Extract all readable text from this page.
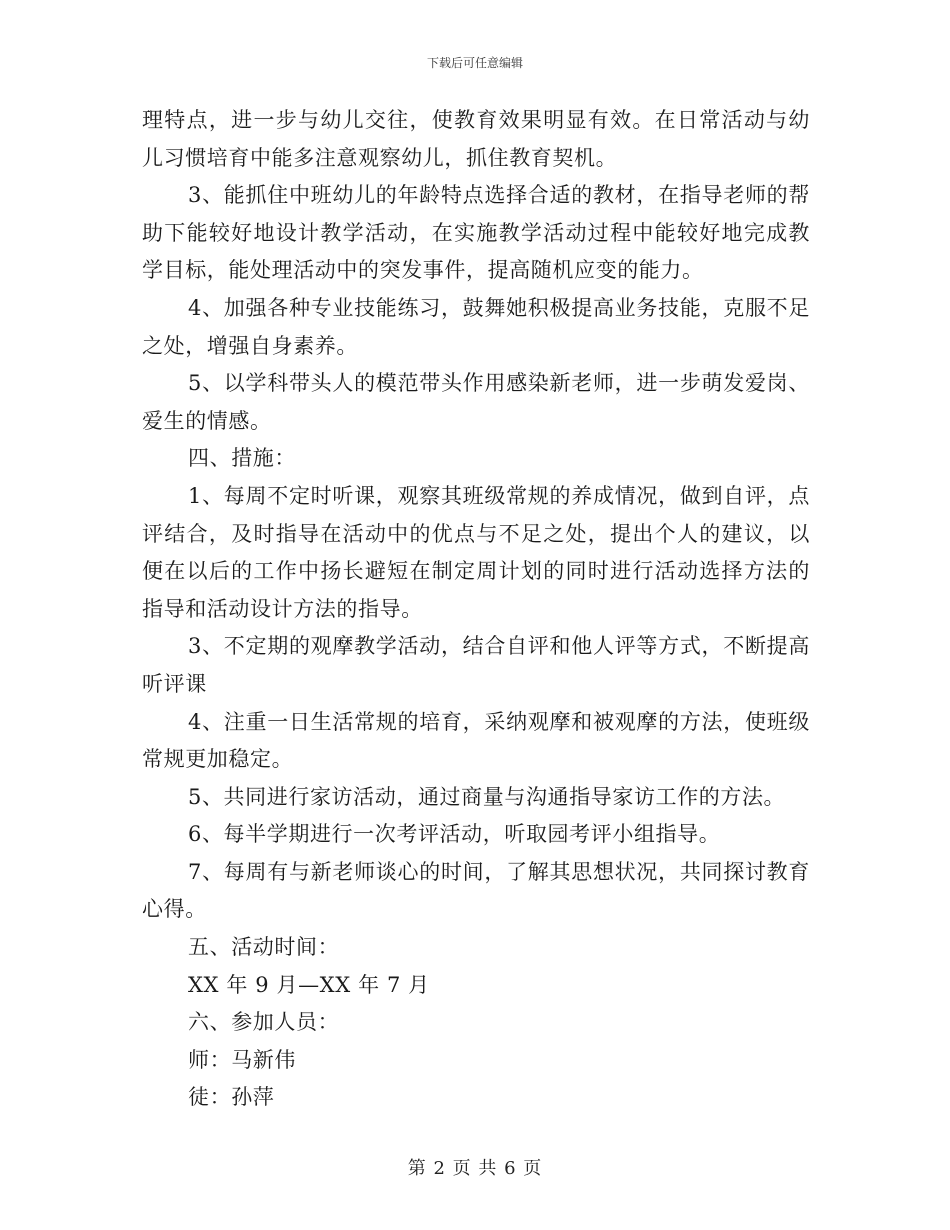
下载后可任意编辑

理特点，进一步与幼儿交往，使教育效果明显有效。在日常活动与幼儿习惯培育中能多注意观察幼儿，抓住教育契机。

3、能抓住中班幼儿的年龄特点选择合适的教材，在指导老师的帮助下能较好地设计教学活动，在实施教学活动过程中能较好地完成教学目标，能处理活动中的突发事件，提高随机应变的能力。

4、加强各种专业技能练习，鼓舞她积极提高业务技能，克服不足之处，增强自身素养。

5、以学科带头人的模范带头作用感染新老师，进一步萌发爱岗、爱生的情感。

四、措施：

1、每周不定时听课，观察其班级常规的养成情况，做到自评，点评结合，及时指导在活动中的优点与不足之处，提出个人的建议，以便在以后的工作中扬长避短在制定周计划的同时进行活动选择方法的指导和活动设计方法的指导。

3、不定期的观摩教学活动，结合自评和他人评等方式，不断提高听评课

4、注重一日生活常规的培育，采纳观摩和被观摩的方法，使班级常规更加稳定。

5、共同进行家访活动，通过商量与沟通指导家访工作的方法。

6、每半学期进行一次考评活动，听取园考评小组指导。

7、每周有与新老师谈心的时间，了解其思想状况，共同探讨教育心得。

五、活动时间：

XX 年 9 月—XX 年 7 月

六、参加人员：

师：马新伟

徒：孙萍

第 2 页 共 6 页
